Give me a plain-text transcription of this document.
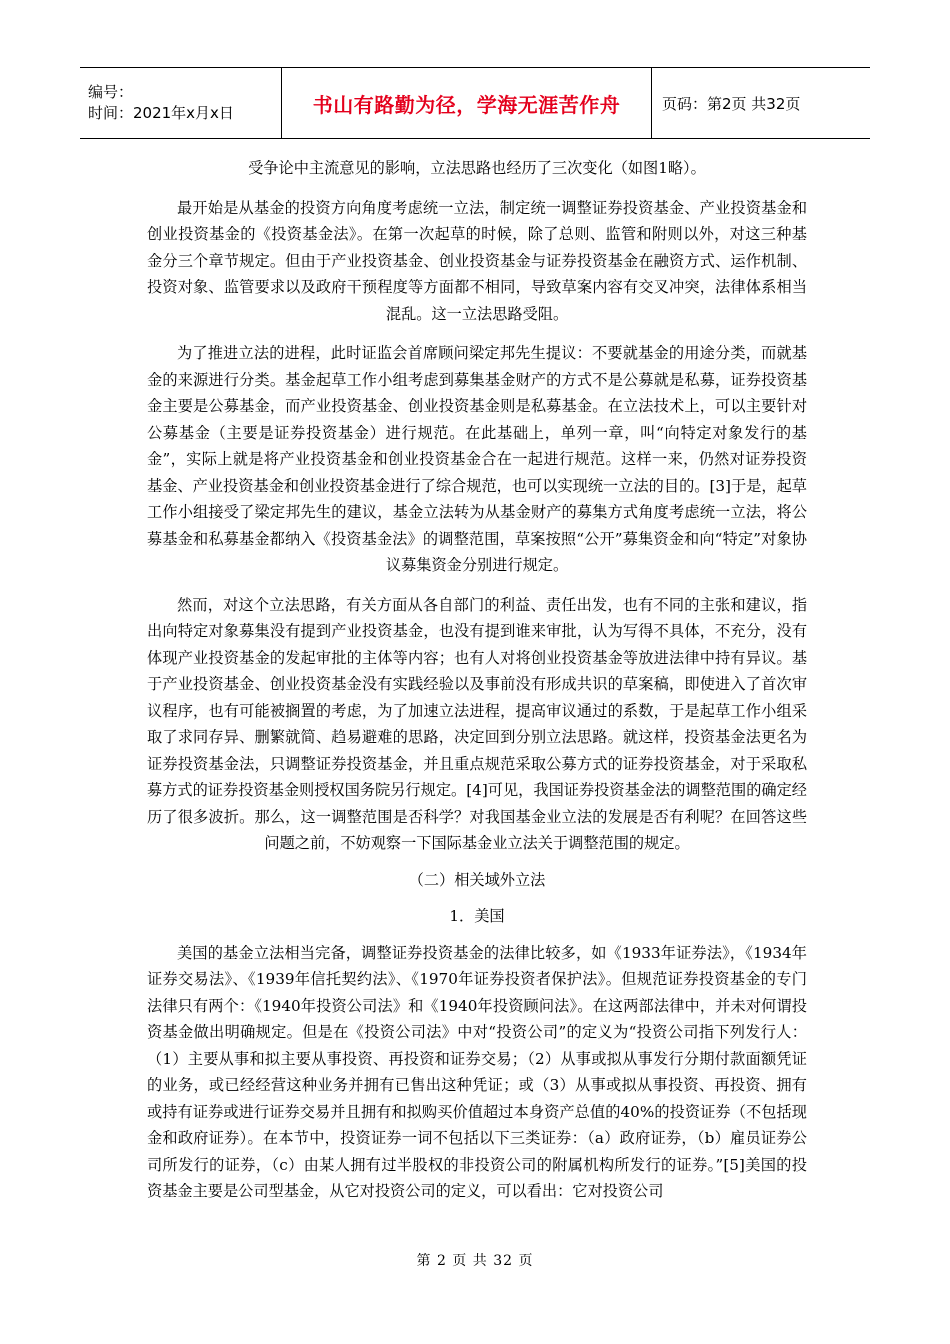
编号：
时间：2021年x月x日	书山有路勤为径，学海无涯苦作舟	页码：第2页 共32页

受争论中主流意见的影响，立法思路也经历了三次变化（如图1略）。

最开始是从基金的投资方向角度考虑统一立法，制定统一调整证券投资基金、产业投资基金和创业投资基金的《投资基金法》。在第一次起草的时候，除了总则、监管和附则以外，对这三种基金分三个章节规定。但由于产业投资基金、创业投资基金与证券投资基金在融资方式、运作机制、投资对象、监管要求以及政府干预程度等方面都不相同，导致草案内容有交叉冲突，法律体系相当混乱。这一立法思路受阻。

为了推进立法的进程，此时证监会首席顾问梁定邦先生提议：不要就基金的用途分类，而就基金的来源进行分类。基金起草工作小组考虑到募集基金财产的方式不是公募就是私募，证券投资基金主要是公募基金，而产业投资基金、创业投资基金则是私募基金。在立法技术上，可以主要针对公募基金（主要是证券投资基金）进行规范。在此基础上，单列一章，叫“向特定对象发行的基金”，实际上就是将产业投资基金和创业投资基金合在一起进行规范。这样一来，仍然对证券投资基金、产业投资基金和创业投资基金进行了综合规范，也可以实现统一立法的目的。[3]于是，起草工作小组接受了梁定邦先生的建议，基金立法转为从基金财产的募集方式角度考虑统一立法，将公募基金和私募基金都纳入《投资基金法》的调整范围，草案按照“公开”募集资金和向“特定”对象协议募集资金分别进行规定。

然而，对这个立法思路，有关方面从各自部门的利益、责任出发，也有不同的主张和建议，指出向特定对象募集没有提到产业投资基金，也没有提到谁来审批，认为写得不具体，不充分，没有体现产业投资基金的发起审批的主体等内容；也有人对将创业投资基金等放进法律中持有异议。基于产业投资基金、创业投资基金没有实践经验以及事前没有形成共识的草案稿，即使进入了首次审议程序，也有可能被搁置的考虑，为了加速立法进程，提高审议通过的系数，于是起草工作小组采取了求同存异、删繁就简、趋易避难的思路，决定回到分别立法思路。就这样，投资基金法更名为证券投资基金法，只调整证券投资基金，并且重点规范采取公募方式的证券投资基金，对于采取私募方式的证券投资基金则授权国务院另行规定。[4]可见，我国证券投资基金法的调整范围的确定经历了很多波折。那么，这一调整范围是否科学？对我国基金业立法的发展是否有利呢？在回答这些问题之前，不妨观察一下国际基金业立法关于调整范围的规定。

（二）相关域外立法

1．美国

美国的基金立法相当完备，调整证券投资基金的法律比较多，如《1933年证券法》，《1934年证券交易法》、《1939年信托契约法》、《1970年证券投资者保护法》。但规范证券投资基金的专门法律只有两个：《1940年投资公司法》和《1940年投资顾问法》。在这两部法律中，并未对何谓投资基金做出明确规定。但是在《投资公司法》中对“投资公司”的定义为“投资公司指下列发行人：（1）主要从事和拟主要从事投资、再投资和证券交易；（2）从事或拟从事发行分期付款面额凭证的业务，或已经经营这种业务并拥有已售出这种凭证；或（3）从事或拟从事投资、再投资、拥有或持有证券或进行证券交易并且拥有和拟购买价值超过本身资产总值的40%的投资证券（不包括现金和政府证券）。在本节中，投资证券一词不包括以下三类证券：（a）政府证券，（b）雇员证券公司所发行的证券，（c）由某人拥有过半股权的非投资公司的附属机构所发行的证券。”[5]美国的投资基金主要是公司型基金，从它对投资公司的定义，可以看出：它对投资公司

第 2 页 共 32 页
